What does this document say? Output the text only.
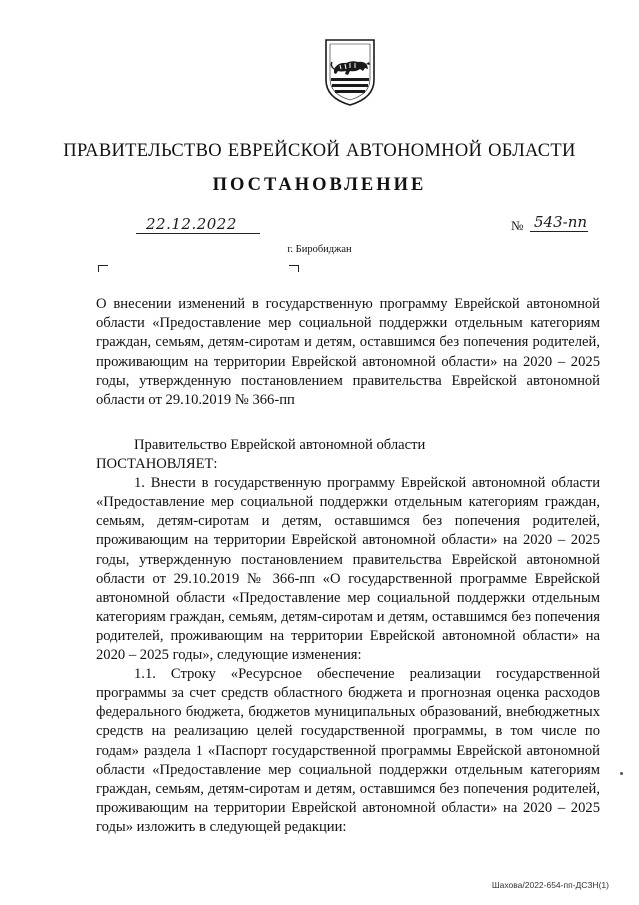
ПРАВИТЕЛЬСТВО ЕВРЕЙСКОЙ АВТОНОМНОЙ ОБЛАСТИ
ПОСТАНОВЛЕНИЕ
22.12.2022	№ 543-пп
г. Биробиджан

О внесении изменений в государственную программу Еврейской автономной области «Предоставление мер социальной поддержки отдельным категориям граждан, семьям, детям-сиротам и детям, оставшимся без попечения родителей, проживающим на территории Еврейской автономной области» на 2020 – 2025 годы, утвержденную постановлением правительства Еврейской автономной области от 29.10.2019 № 366-пп

Правительство Еврейской автономной области

ПОСТАНОВЛЯЕТ:

1. Внести в государственную программу Еврейской автономной области «Предоставление мер социальной поддержки отдельным категориям граждан, семьям, детям-сиротам и детям, оставшимся без попечения родителей, проживающим на территории Еврейской автономной области» на 2020 – 2025 годы, утвержденную постановлением правительства Еврейской автономной области от 29.10.2019 № 366-пп «О государственной программе Еврейской автономной области «Предоставление мер социальной поддержки отдельным категориям граждан, семьям, детям-сиротам и детям, оставшимся без попечения родителей, проживающим на территории Еврейской автономной области» на 2020 – 2025 годы», следующие изменения:

1.1. Строку «Ресурсное обеспечение реализации государственной программы за счет средств областного бюджета и прогнозная оценка расходов федерального бюджета, бюджетов муниципальных образований, внебюджетных средств на реализацию целей государственной программы, в том числе по годам» раздела 1 «Паспорт государственной программы Еврейской автономной области «Предоставление мер социальной поддержки отдельным категориям граждан, семьям, детям-сиротам и детям, оставшимся без попечения родителей, проживающим на территории Еврейской автономной области» на 2020 – 2025 годы» изложить в следующей редакции:

Шахова/2022-654-пп-ДСЗН(1)
